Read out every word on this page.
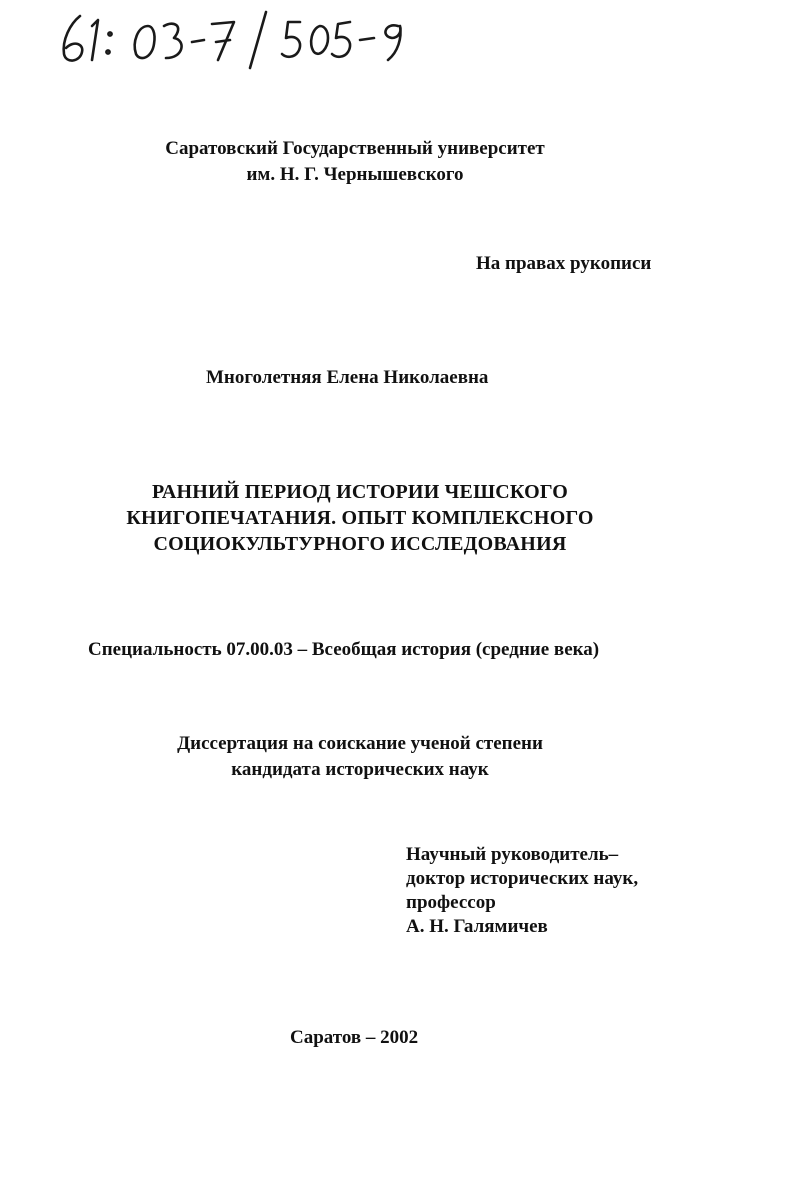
Саратовский Государственный университет
им. Н. Г. Чернышевского
На правах рукописи
Многолетняя Елена Николаевна
РАННИЙ ПЕРИОД ИСТОРИИ ЧЕШСКОГО
КНИГОПЕЧАТАНИЯ. ОПЫТ КОМПЛЕКСНОГО
СОЦИОКУЛЬТУРНОГО ИССЛЕДОВАНИЯ
Специальность 07.00.03 – Всеобщая история (средние века)
Диссертация на соискание ученой степени
кандидата исторических наук
Научный руководитель–
доктор исторических наук,
профессор
А. Н. Галямичев
Саратов – 2002
